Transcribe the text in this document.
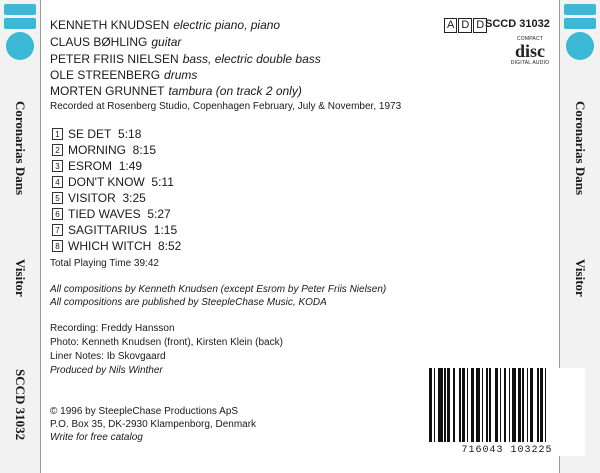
Coronarias Dans
Visitor
SCCD 31032
Coronarias Dans
Visitor
KENNETH KNUDSEN electric piano, piano
CLAUS BØHLING guitar
PETER FRIIS NIELSEN bass, electric double bass
OLE STREENBERG drums
MORTEN GRUNNET tambura (on track 2 only)
A D D SCCD 31032
COMPACT
disc
DIGITAL AUDIO
Recorded at Rosenberg Studio, Copenhagen February, July & November, 1973
1 SE DET
5:18
2 MORNING
8:15
3 ESROM
1:49
4 DON'T KNOW
5:11
5 VISITOR
3:25
6 TIED WAVES
5:27
7 SAGITTARIUS
1:15
8 WHICH WITCH
8:52
Total Playing Time 39:42
All compositions by Kenneth Knudsen (except Esrom by Peter Friis Nielsen)
All compositions are published by SteepleChase Music, KODA
Recording: Freddy Hansson
Photo: Kenneth Knudsen (front), Kirsten Klein (back)
Liner Notes: Ib Skovgaard
Produced by Nils Winther
© 1996 by SteepleChase Productions ApS
P.O. Box 35, DK-2930 Klampenborg, Denmark
Write for free catalog
716043 103225
